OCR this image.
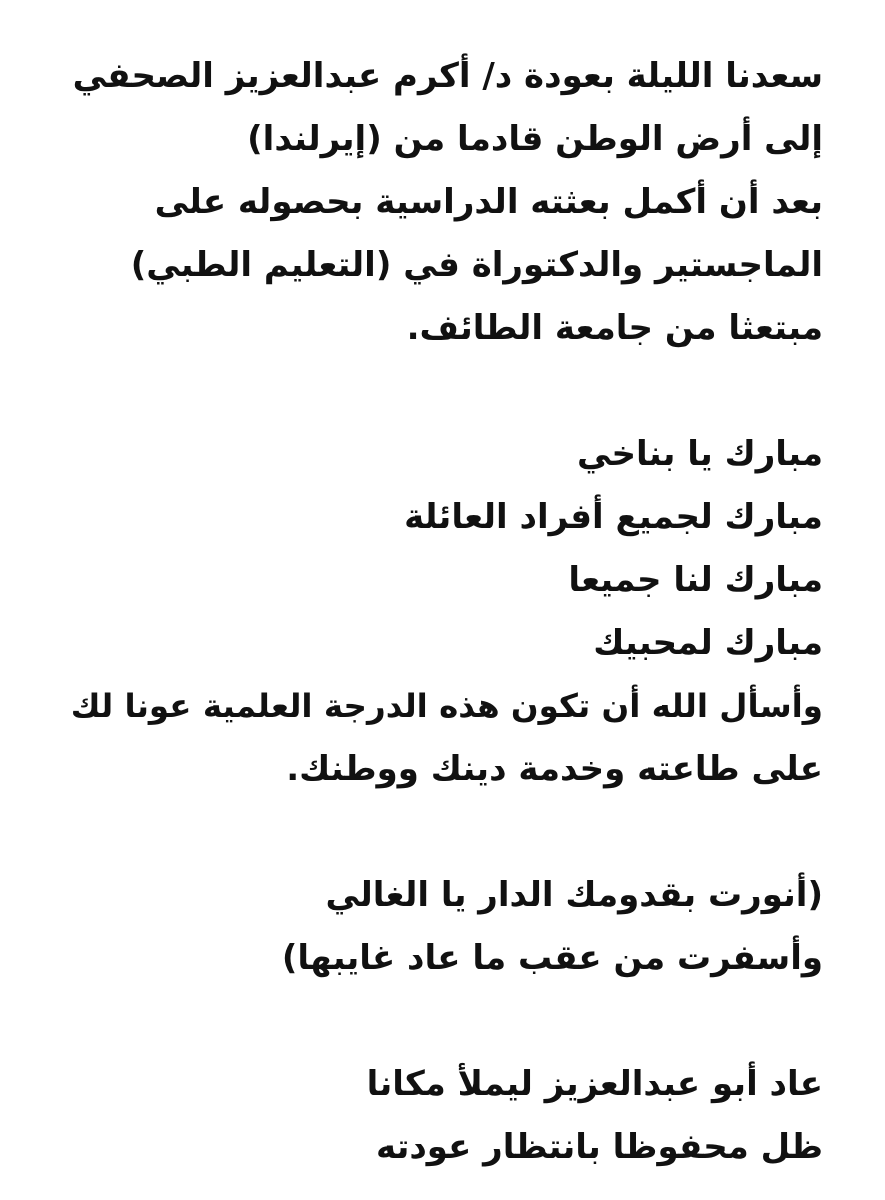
سعدنا الليلة بعودة د/ أكرم عبدالعزيز الصحفي
إلى أرض الوطن قادما من (إيرلندا)
بعد أن أكمل بعثته الدراسية بحصوله على
الماجستير والدكتوراة في (التعليم الطبي)
مبتعثا من جامعة الطائف.
مبارك يا بناخي
مبارك لجميع أفراد العائلة
مبارك لنا جميعا
مبارك لمحبيك
وأسأل الله أن تكون هذه الدرجة العلمية عونا لك
على طاعته وخدمة دينك ووطنك.
(أنورت بقدومك الدار يا الغالي
وأسفرت من عقب ما عاد غايبها)
عاد أبو عبدالعزيز ليملأ مكانا
ظل محفوظا بانتظار عودته
